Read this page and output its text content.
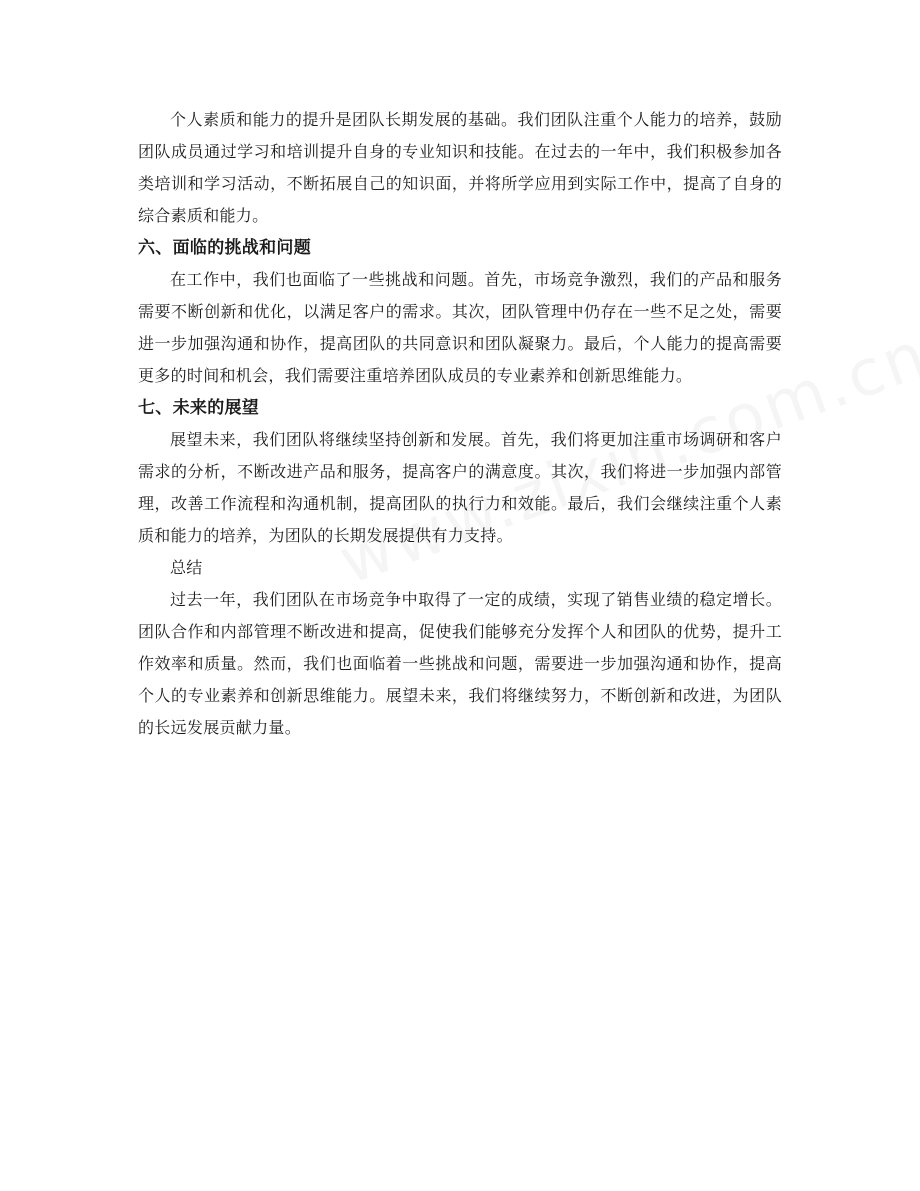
个人素质和能力的提升是团队长期发展的基础。我们团队注重个人能力的培养，鼓励团队成员通过学习和培训提升自身的专业知识和技能。在过去的一年中，我们积极参加各类培训和学习活动，不断拓展自己的知识面，并将所学应用到实际工作中，提高了自身的综合素质和能力。

六、面临的挑战和问题

在工作中，我们也面临了一些挑战和问题。首先，市场竞争激烈，我们的产品和服务需要不断创新和优化，以满足客户的需求。其次，团队管理中仍存在一些不足之处，需要进一步加强沟通和协作，提高团队的共同意识和团队凝聚力。最后，个人能力的提高需要更多的时间和机会，我们需要注重培养团队成员的专业素养和创新思维能力。

七、未来的展望

展望未来，我们团队将继续坚持创新和发展。首先，我们将更加注重市场调研和客户需求的分析，不断改进产品和服务，提高客户的满意度。其次，我们将进一步加强内部管理，改善工作流程和沟通机制，提高团队的执行力和效能。最后，我们会继续注重个人素质和能力的培养，为团队的长期发展提供有力支持。

总结

过去一年，我们团队在市场竞争中取得了一定的成绩，实现了销售业绩的稳定增长。团队合作和内部管理不断改进和提高，促使我们能够充分发挥个人和团队的优势，提升工作效率和质量。然而，我们也面临着一些挑战和问题，需要进一步加强沟通和协作，提高个人的专业素养和创新思维能力。展望未来，我们将继续努力，不断创新和改进，为团队的长远发展贡献力量。
